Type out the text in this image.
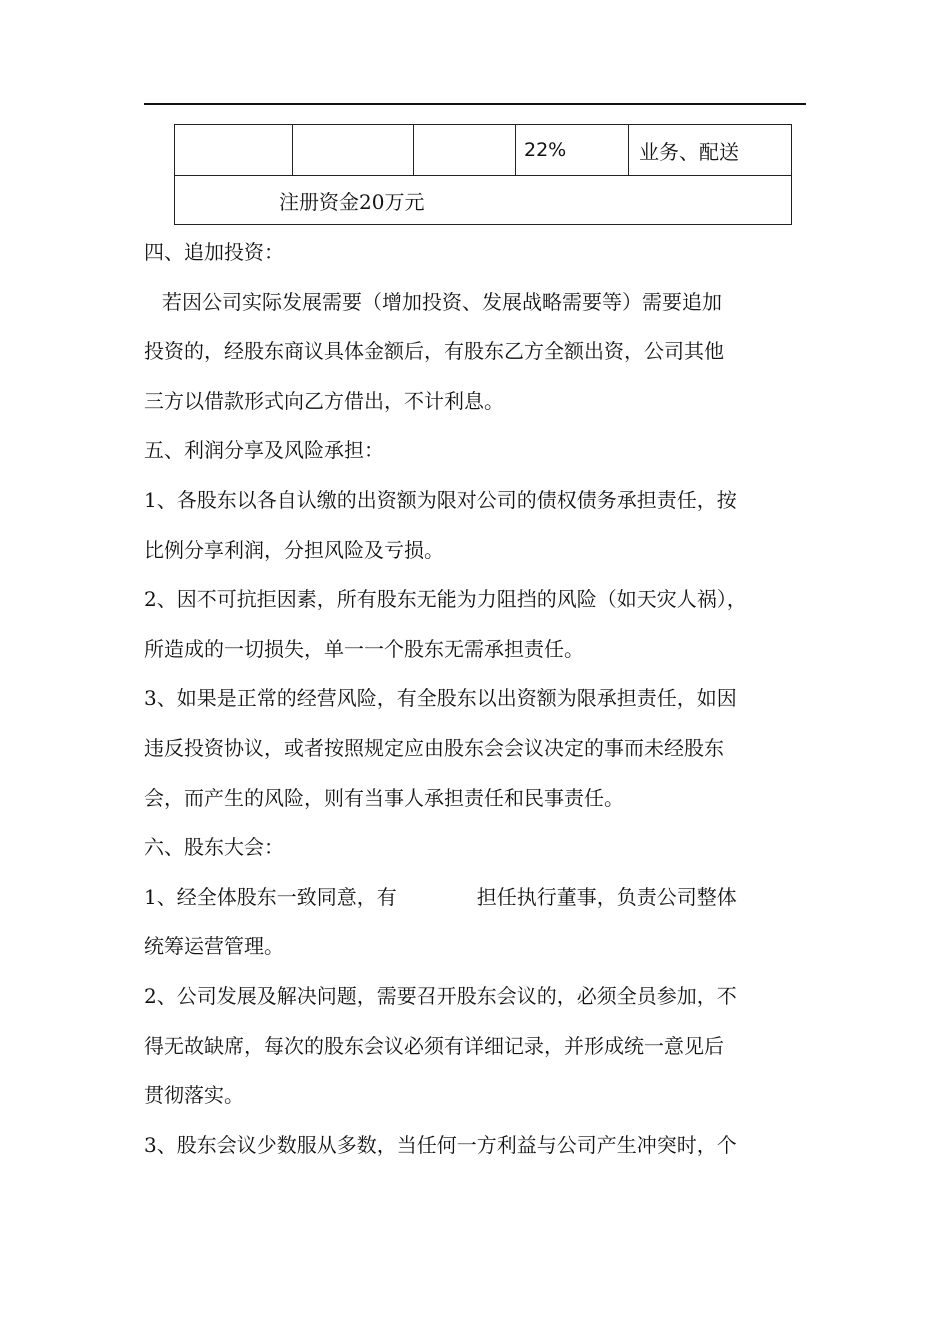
			22%	业务、配送
注册资金20万元
四、追加投资：
若因公司实际发展需要（增加投资、发展战略需要等）需要追加
投资的，经股东商议具体金额后，有股东乙方全额出资，公司其他
三方以借款形式向乙方借出，不计利息。
五、利润分享及风险承担：
1、各股东以各自认缴的出资额为限对公司的债权债务承担责任，按
比例分享利润，分担风险及亏损。
2、因不可抗拒因素，所有股东无能为力阻挡的风险（如天灾人祸），
所造成的一切损失，单一一个股东无需承担责任。
3、如果是正常的经营风险，有全股东以出资额为限承担责任，如因
违反投资协议，或者按照规定应由股东会会议决定的事而未经股东
会，而产生的风险，则有当事人承担责任和民事责任。
六、股东大会：
1、经全体股东一致同意，有	担任执行董事，负责公司整体
统筹运营管理。
2、公司发展及解决问题，需要召开股东会议的，必须全员参加，不
得无故缺席，每次的股东会议必须有详细记录，并形成统一意见后
贯彻落实。
3、股东会议少数服从多数，当任何一方利益与公司产生冲突时，个
